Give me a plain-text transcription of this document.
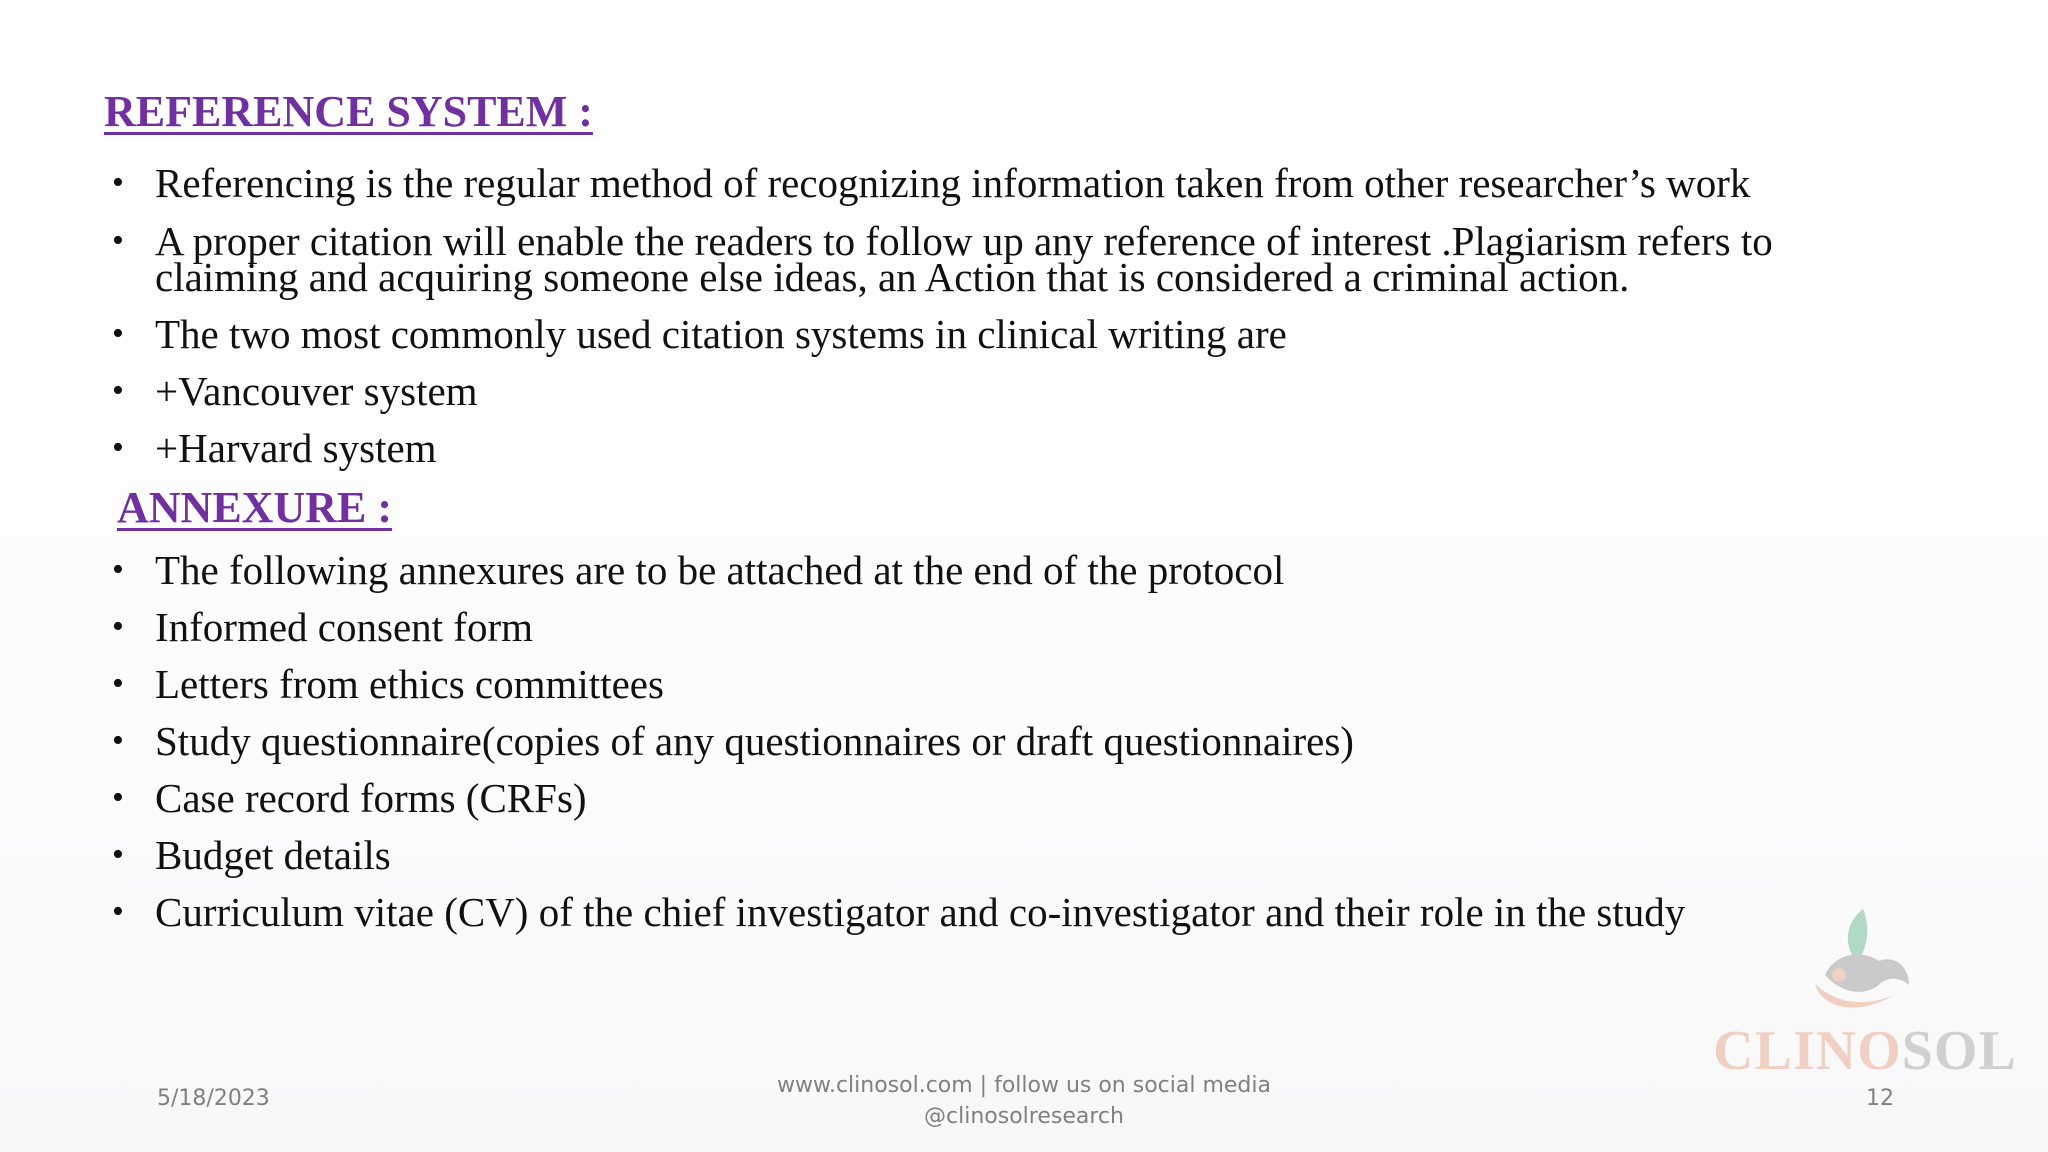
REFERENCE SYSTEM :
• Referencing is the regular method of recognizing information taken from other researcher’s work
• A proper citation will enable the readers to follow up any reference of interest .Plagiarism refers to
claiming and acquiring someone else ideas, an Action that is considered a criminal action.
• The two most commonly used citation systems in clinical writing are
• +Vancouver system
• +Harvard system
ANNEXURE :
• The following annexures are to be attached at the end of the protocol
• Informed consent form
• Letters from ethics committees
• Study questionnaire(copies of any questionnaires or draft questionnaires)
• Case record forms (CRFs)
• Budget details
• Curriculum vitae (CV) of the chief investigator and co-investigator and their role in the study
CLINOSOL
5/18/2023
www.clinosol.com | follow us on social media
@clinosolresearch
12
